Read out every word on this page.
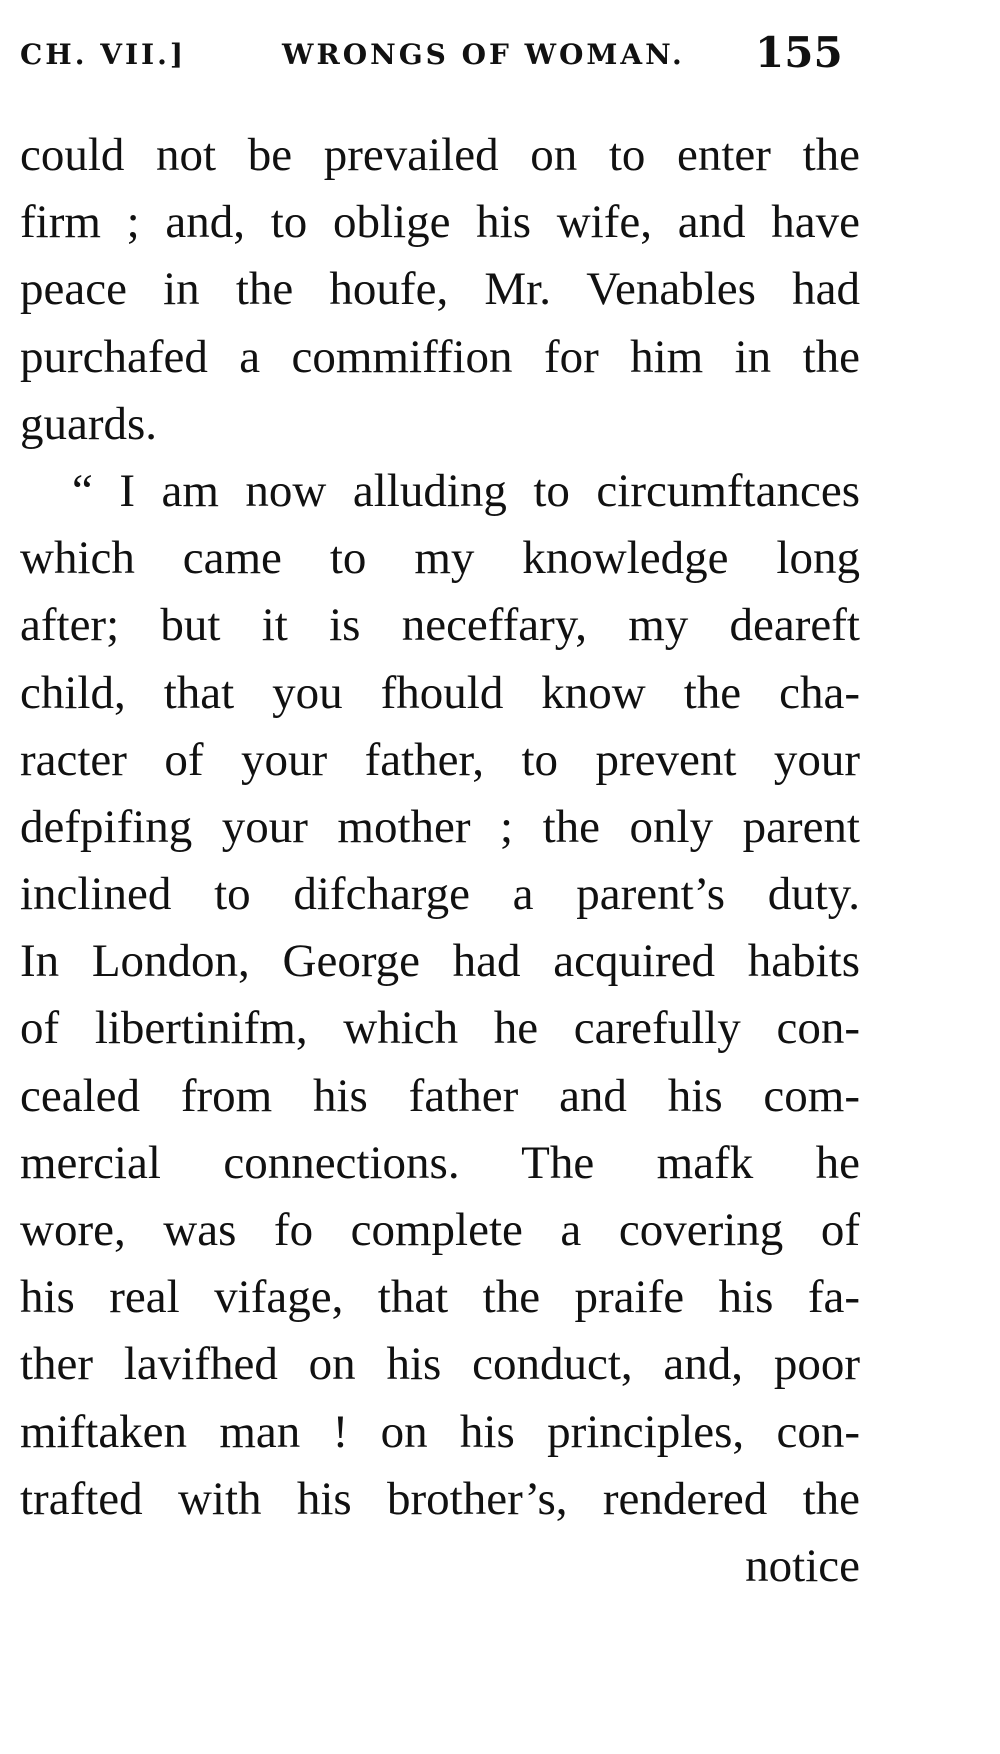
CH. VII.]	WRONGS OF WOMAN. 155
could not be prevailed on to enter the
firm ; and, to oblige his wife, and have
peace in the houfe, Mr. Venables had
purchafed a commiffion for him in the
guards.
“ I am now alluding to circumftances
which came to my knowledge long
after; but it is neceffary, my deareft
child, that you fhould know the cha-
racter of your father, to prevent your
defpifing your mother ; the only parent
inclined to difcharge a parent’s duty.
In London, George had acquired habits
of libertinifm, which he carefully con-
cealed from his father and his com-
mercial connections. The mafk he
wore, was fo complete a covering of
his real vifage, that the praife his fa-
ther lavifhed on his conduct, and, poor
miftaken man ! on his principles, con-
trafted with his brother’s, rendered the
notice
